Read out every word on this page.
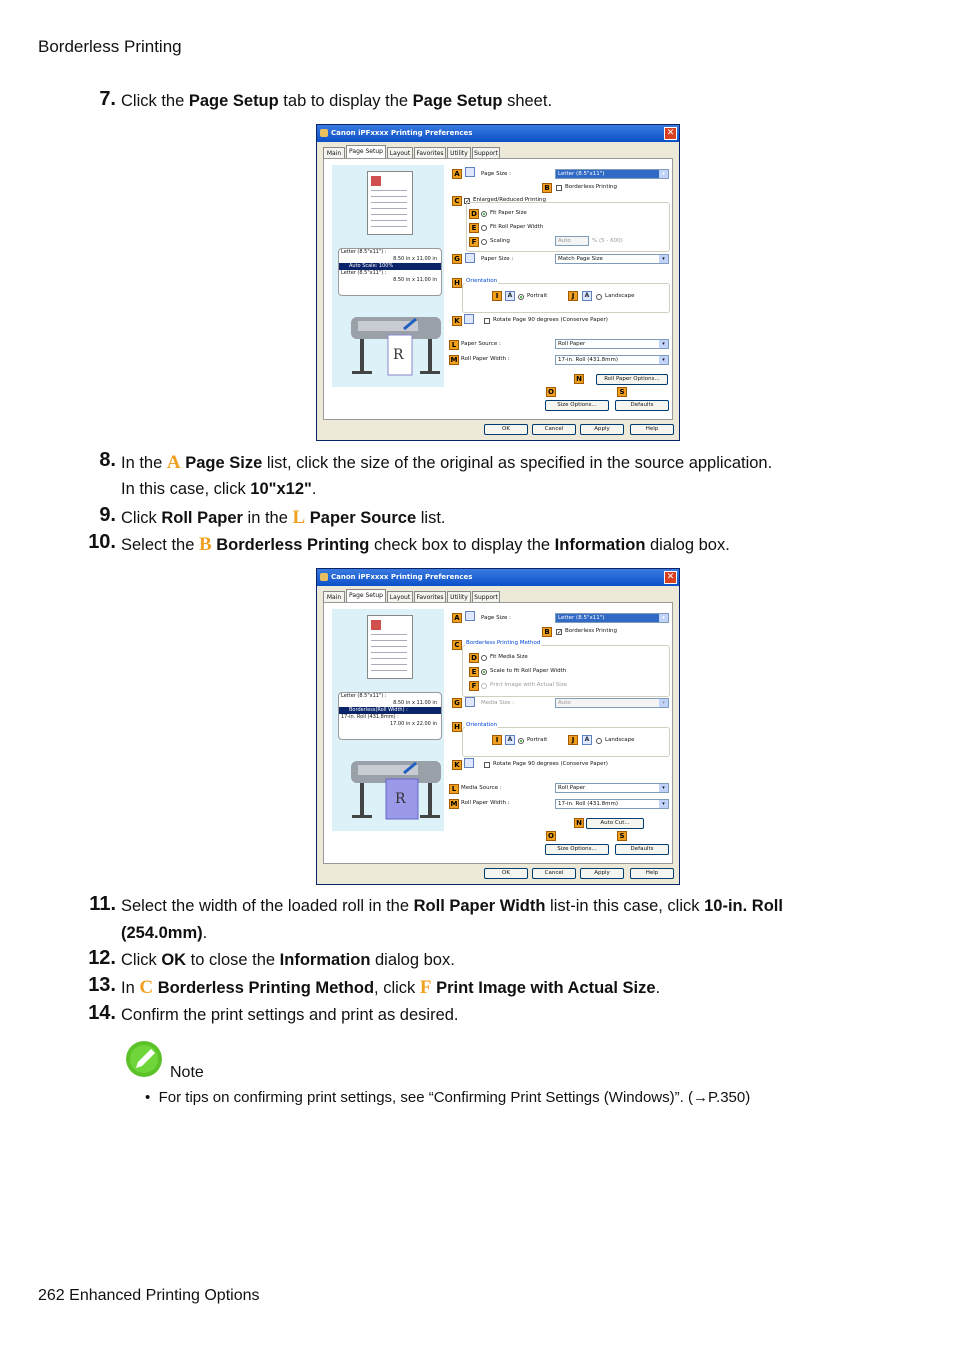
Borderless Printing
7. Click the Page Setup tab to display the Page Setup sheet.
Canon iPFxxxx Printing Preferences	✕
Main	Page Setup	Layout	Favorites	Utility	Support
Letter (8.5"x11") :
8.50 in x 11.00 in
Auto Scale: 100%
Letter (8.5"x11") :
8.50 in x 11.00 in
R
A	Page Size :	Letter (8.5"x11")	▾
B	Borderless Printing
C ✓ Enlarged/Reduced Printing
D	Fit Paper Size
E	Fit Roll Paper Width
F	Scaling	Auto	% (5 - 600)
G	Paper Size :	Match Page Size	▾
H	Orientation
I	A	Portrait	J	A	Landscape
K	Rotate Page 90 degrees (Conserve Paper)
L Paper Source :	Roll Paper	▾
M Roll Paper Width :	17-in. Roll (431.8mm)	▾
N	Roll Paper Options...
O	S
Size Options...	Defaults
OK	Cancel	Apply	Help
8. In the A Page Size list, click the size of the original as specified in the source application.
In this case, click 10"x12".
9. Click Roll Paper in the L Paper Source list.
10. Select the B Borderless Printing check box to display the Information dialog box.
Canon iPFxxxx Printing Preferences	✕
Main	Page Setup	Layout	Favorites	Utility	Support
Letter (8.5"x11") :
8.50 in x 11.00 in
Borderless(Roll Width) :
17-in. Roll (431.8mm) :
17.00 in x 22.00 in
R
A	Page Size :	Letter (8.5"x11")	▾
B	✓ Borderless Printing
C	Borderless Printing Method
D	Fit Media Size
E	Scale to fit Roll Paper Width
F	Print Image with Actual Size
G	Media Size :	Auto	▾
H	Orientation
I	A	Portrait	J	A	Landscape
K	Rotate Page 90 degrees (Conserve Paper)
L Media Source :	Roll Paper	▾
M Roll Paper Width :	17-in. Roll (431.8mm)	▾
N	Auto Cut...
O	S
Size Options...	Defaults
OK	Cancel	Apply	Help
11. Select the width of the loaded roll in the Roll Paper Width list-in this case, click 10-in. Roll
(254.0mm).
12. Click OK to close the Information dialog box.
13. In C Borderless Printing Method, click F Print Image with Actual Size.
14. Confirm the print settings and print as desired.
Note
• For tips on confirming print settings, see “Confirming Print Settings (Windows)”. (→P.350)
262 Enhanced Printing Options
